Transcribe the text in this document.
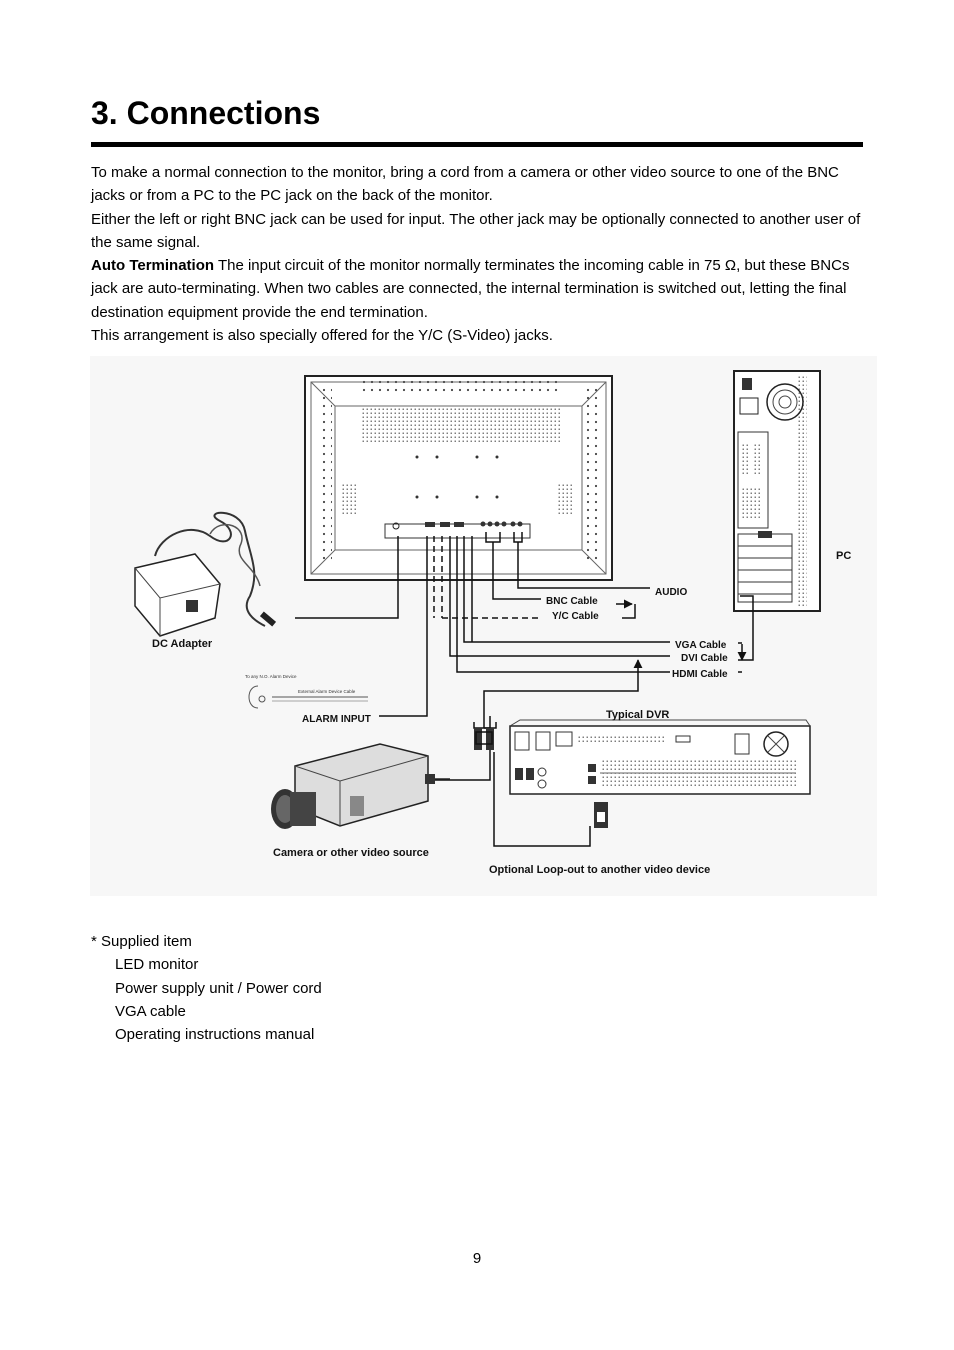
3. Connections

To make a normal connection to the monitor, bring a cord from a camera or other video source to one of the BNC jacks or from a PC to the PC jack on the back of the monitor.

Either the left or right BNC jack can be used for input. The other jack may be optionally connected to another user of the same signal.

Auto Termination The input circuit of the monitor normally terminates the incoming cable in 75 Ω, but these BNCs jack are auto-terminating. When two cables are connected, the internal termination is switched out, letting the final destination equipment provide the end termination.

This arrangement is also specially offered for the Y/C (S-Video) jacks.

PC
DC Adapter
To any N.O. Alarm Device
External Alarm Device Cable
ALARM INPUT
AUDIO
BNC Cable
Y/C Cable
VGA Cable
DVI Cable
HDMI Cable
Typical DVR
Camera or other video source
Optional Loop-out to another video device

* Supplied item

LED monitor
Power supply unit / Power cord
VGA cable
Operating instructions manual
9
